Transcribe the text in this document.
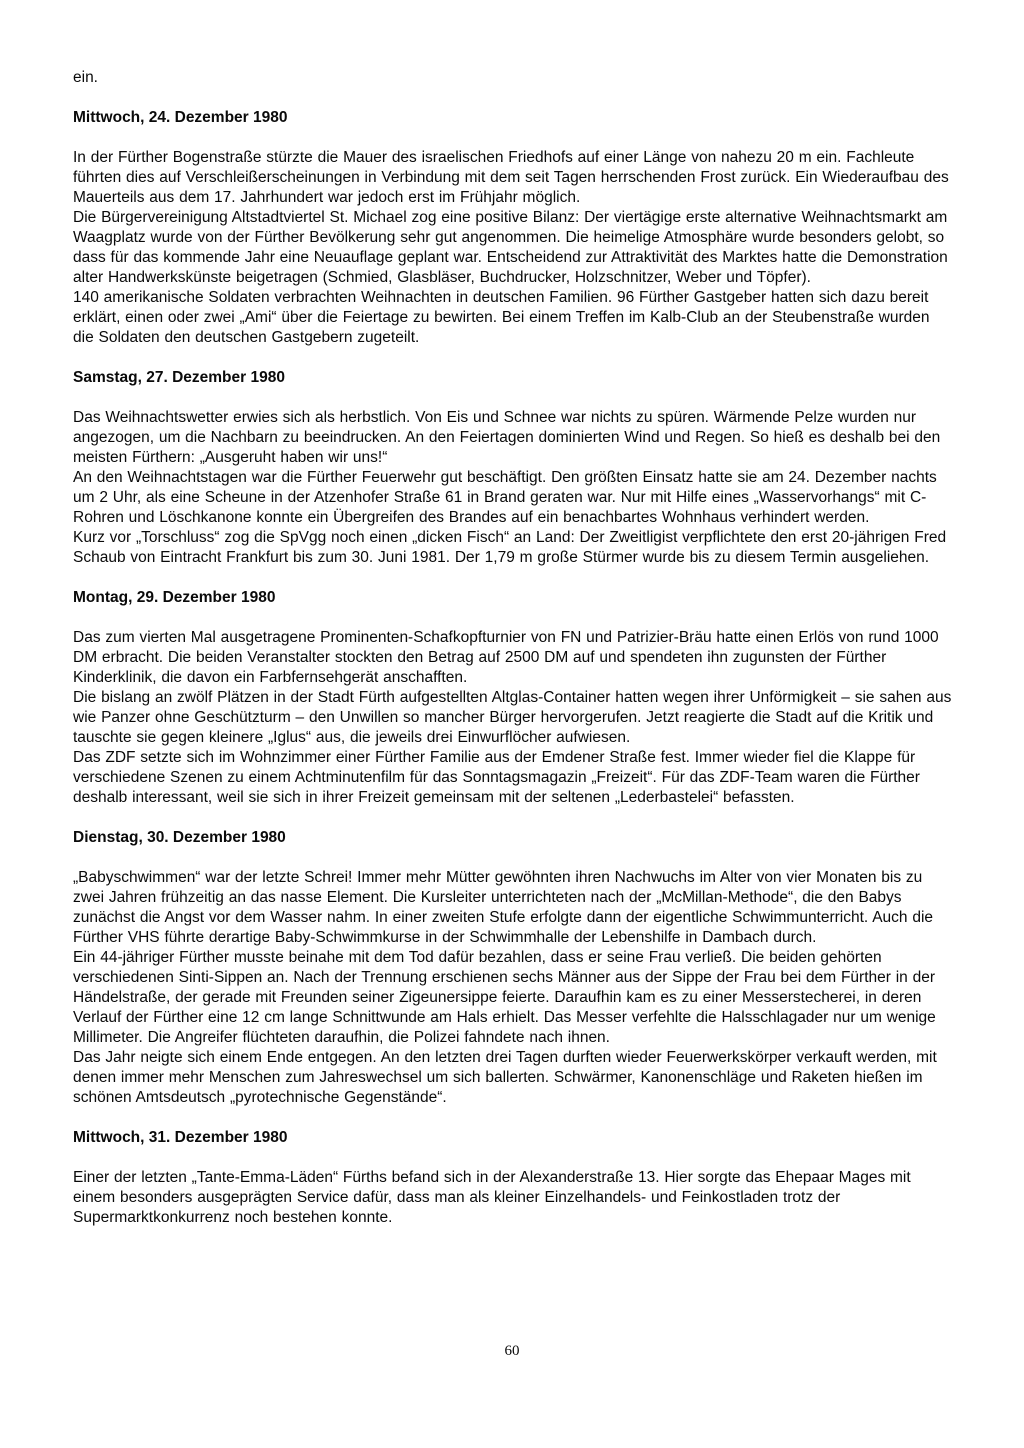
ein.

Mittwoch, 24. Dezember 1980

In der Fürther Bogenstraße stürzte die Mauer des israelischen Friedhofs auf einer Länge von nahezu 20 m ein. Fachleute führten dies auf Verschleißerscheinungen in Verbindung mit dem seit Tagen herrschenden Frost zurück. Ein Wiederaufbau des Mauerteils aus dem 17. Jahrhundert war jedoch erst im Frühjahr möglich.

Die Bürgervereinigung Altstadtviertel St. Michael zog eine positive Bilanz: Der viertägige erste alternative Weihnachtsmarkt am Waagplatz wurde von der Fürther Bevölkerung sehr gut angenommen. Die heimelige Atmosphäre wurde besonders gelobt, so dass für das kommende Jahr eine Neuauflage geplant war. Entscheidend zur Attraktivität des Marktes hatte die Demonstration alter Handwerkskünste beigetragen (Schmied, Glasbläser, Buchdrucker, Holzschnitzer, Weber und Töpfer).

140 amerikanische Soldaten verbrachten Weihnachten in deutschen Familien. 96 Fürther Gastgeber hatten sich dazu bereit erklärt, einen oder zwei „Ami“ über die Feiertage zu bewirten. Bei einem Treffen im Kalb-Club an der Steubenstraße wurden die Soldaten den deutschen Gastgebern zugeteilt.

Samstag, 27. Dezember 1980

Das Weihnachtswetter erwies sich als herbstlich. Von Eis und Schnee war nichts zu spüren. Wärmende Pelze wurden nur angezogen, um die Nachbarn zu beeindrucken. An den Feiertagen dominierten Wind und Regen. So hieß es deshalb bei den meisten Fürthern: „Ausgeruht haben wir uns!“

An den Weihnachtstagen war die Fürther Feuerwehr gut beschäftigt. Den größten Einsatz hatte sie am 24. Dezember nachts um 2 Uhr, als eine Scheune in der Atzenhofer Straße 61 in Brand geraten war. Nur mit Hilfe eines „Wasservorhangs“ mit C-Rohren und Löschkanone konnte ein Übergreifen des Brandes auf ein benachbartes Wohnhaus verhindert werden.

Kurz vor „Torschluss“ zog die SpVgg noch einen „dicken Fisch“ an Land: Der Zweitligist verpflichtete den erst 20-jährigen Fred Schaub von Eintracht Frankfurt bis zum 30. Juni 1981. Der 1,79 m große Stürmer wurde bis zu diesem Termin ausgeliehen.

Montag, 29. Dezember 1980

Das zum vierten Mal ausgetragene Prominenten-Schafkopfturnier von FN und Patrizier-Bräu hatte einen Erlös von rund 1000 DM erbracht. Die beiden Veranstalter stockten den Betrag auf 2500 DM auf und spendeten ihn zugunsten der Fürther Kinderklinik, die davon ein Farbfernsehgerät anschafften.

Die bislang an zwölf Plätzen in der Stadt Fürth aufgestellten Altglas-Container hatten wegen ihrer Unförmigkeit – sie sahen aus wie Panzer ohne Geschützturm – den Unwillen so mancher Bürger hervorgerufen. Jetzt reagierte die Stadt auf die Kritik und tauschte sie gegen kleinere „Iglus“ aus, die jeweils drei Einwurflöcher aufwiesen.

Das ZDF setzte sich im Wohnzimmer einer Fürther Familie aus der Emdener Straße fest. Immer wieder fiel die Klappe für verschiedene Szenen zu einem Achtminutenfilm für das Sonntagsmagazin „Freizeit“. Für das ZDF-Team waren die Fürther deshalb interessant, weil sie sich in ihrer Freizeit gemeinsam mit der seltenen „Lederbastelei“ befassten.

Dienstag, 30. Dezember 1980

„Babyschwimmen“ war der letzte Schrei! Immer mehr Mütter gewöhnten ihren Nachwuchs im Alter von vier Monaten bis zu zwei Jahren frühzeitig an das nasse Element. Die Kursleiter unterrichteten nach der „McMillan-Methode“, die den Babys zunächst die Angst vor dem Wasser nahm. In einer zweiten Stufe erfolgte dann der eigentliche Schwimmunterricht. Auch die Fürther VHS führte derartige Baby-Schwimmkurse in der Schwimmhalle der Lebenshilfe in Dambach durch.

Ein 44-jähriger Fürther musste beinahe mit dem Tod dafür bezahlen, dass er seine Frau verließ. Die beiden gehörten verschiedenen Sinti-Sippen an. Nach der Trennung erschienen sechs Männer aus der Sippe der Frau bei dem Fürther in der Händelstraße, der gerade mit Freunden seiner Zigeunersippe feierte. Daraufhin kam es zu einer Messerstecherei, in deren Verlauf der Fürther eine 12 cm lange Schnittwunde am Hals erhielt. Das Messer verfehlte die Halsschlagader nur um wenige Millimeter. Die Angreifer flüchteten daraufhin, die Polizei fahndete nach ihnen.

Das Jahr neigte sich einem Ende entgegen. An den letzten drei Tagen durften wieder Feuerwerkskörper verkauft werden, mit denen immer mehr Menschen zum Jahreswechsel um sich ballerten. Schwärmer, Kanonenschläge und Raketen hießen im schönen Amtsdeutsch „pyrotechnische Gegenstände“.

Mittwoch, 31. Dezember 1980

Einer der letzten „Tante-Emma-Läden“ Fürths befand sich in der Alexanderstraße 13. Hier sorgte das Ehepaar Mages mit einem besonders ausgeprägten Service dafür, dass man als kleiner Einzelhandels- und Feinkostladen trotz der Supermarktkonkurrenz noch bestehen konnte.

60
